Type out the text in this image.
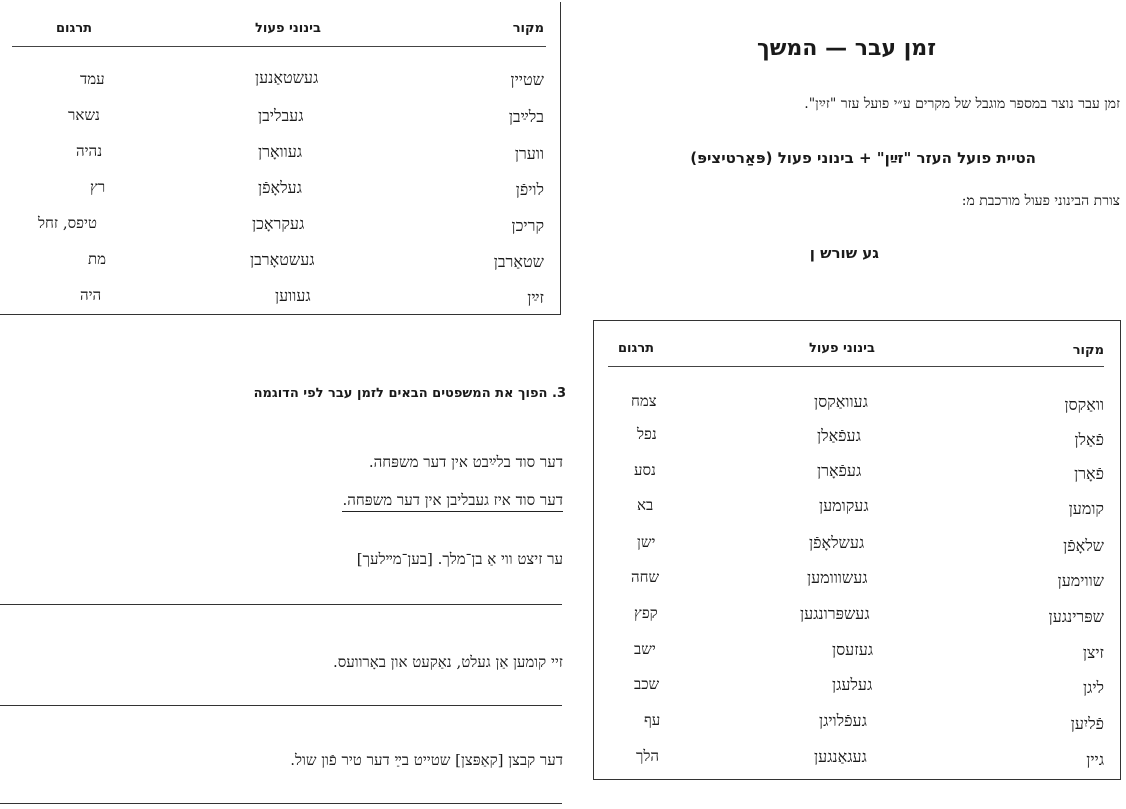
מקור
בינוני פעול
תרגום
שטיין
געשטאַנען
עמד
בלײַבן
געבליבן
נשאר
ווערן
געוואָרן
נהיה
לויפֿן
געלאָפֿן
רץ
קריכן
געקראָכן
טיפס, זחל
שטאַרבן
געשטאָרבן
מת
זײַן
געווען
היה
זמן עבר — המשך
זמן עבר נוצר במספר מוגבל של מקרים ע״י פועל עזר "זײַן".
הטיית פועל העזר "זײַן" + בינוני פעול (פּאַרטיציפּ)
צורת הבינוני פעול מורכבת מ:
גע שורש ן
מקור
בינוני פעול
תרגום
וואַקסן
געוואַקסן
צמח
פֿאַלן
געפֿאַלן
נפל
פֿאָרן
געפֿאָרן
נסע
קומען
געקומען
בא
שלאָפֿן
געשלאָפֿן
ישן
שווימען
געשווומען
שחה
שפּרינגען
געשפּרונגען
קפץ
זיצן
געזעסן
ישב
ליגן
געלעגן
שכב
פֿליִען
געפֿלויגן
עף
גיין
געגאַנגען
הלך
3. הפוך את המשפטים הבאים לזמן עבר לפי הדוגמה
דער סוד בלײַבט אין דער משפּחה.
דער סוד איז געבליבן אין דער משפּחה.
ער זיצט ווי אַ בן־מלך. [בען־מײלעך]
זיי קומען אַן געלט, נאַקעט און באָרוועס.
דער קבצן [קאַפּצן] שטייט בײַ דער טיר פֿון שול.
